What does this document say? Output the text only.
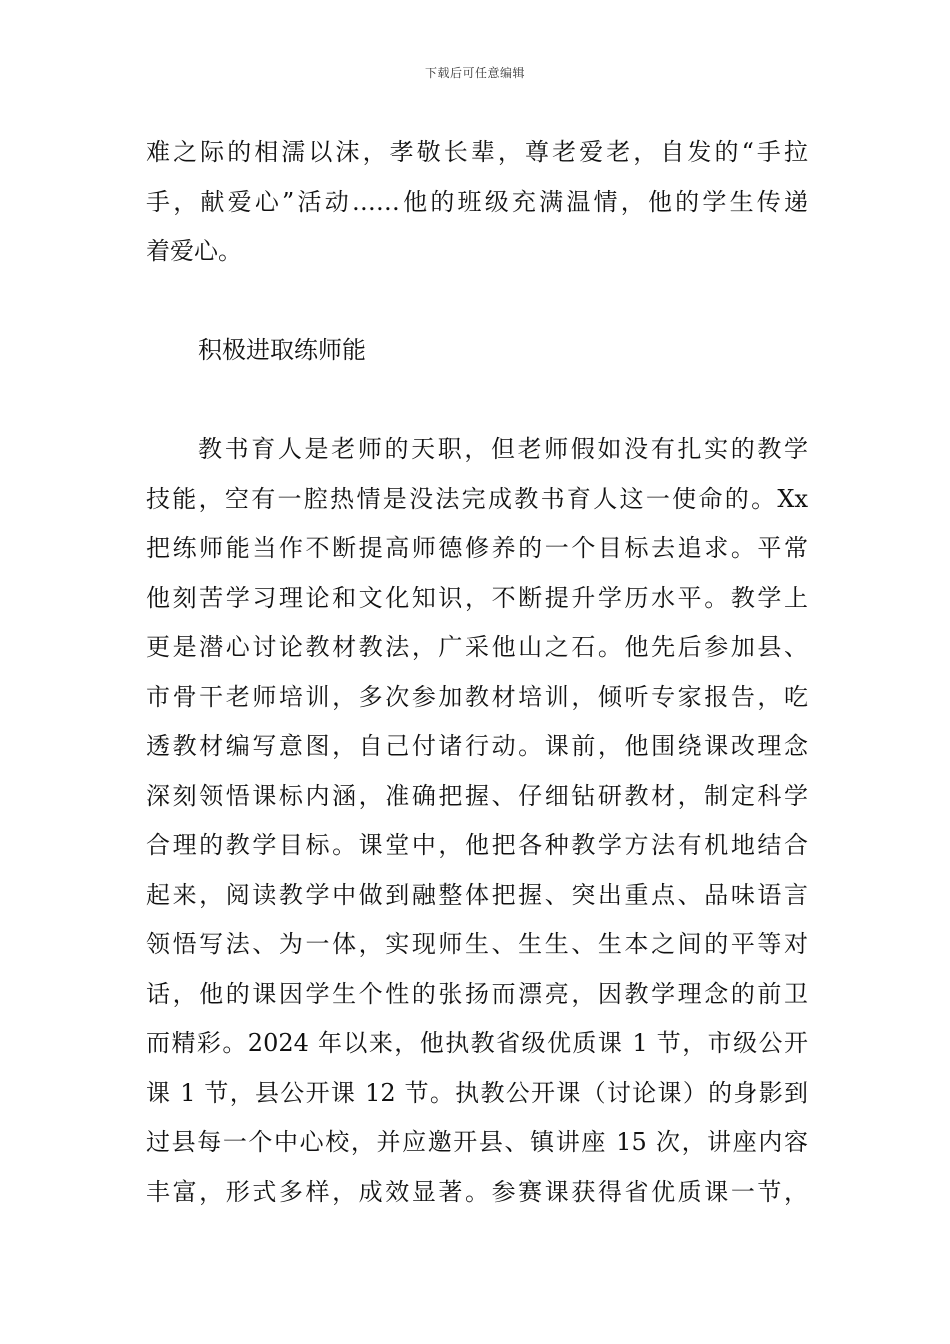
下载后可任意编辑
难之际的相濡以沫，孝敬长辈，尊老爱老，自发的“手拉
手，献爱心”活动……他的班级充满温情，他的学生传递
着爱心。
积极进取练师能
教书育人是老师的天职，但老师假如没有扎实的教学
技能，空有一腔热情是没法完成教书育人这一使命的。Xx
把练师能当作不断提高师德修养的一个目标去追求。平常
他刻苦学习理论和文化知识，不断提升学历水平。教学上
更是潜心讨论教材教法，广采他山之石。他先后参加县、
市骨干老师培训，多次参加教材培训，倾听专家报告，吃
透教材编写意图，自己付诸行动。课前，他围绕课改理念
深刻领悟课标内涵，准确把握、仔细钻研教材，制定科学
合理的教学目标。课堂中，他把各种教学方法有机地结合
起来，阅读教学中做到融整体把握、突出重点、品味语言
领悟写法、为一体，实现师生、生生、生本之间的平等对
话，他的课因学生个性的张扬而漂亮，因教学理念的前卫
而精彩。2024 年以来，他执教省级优质课 1 节，市级公开
课 1 节，县公开课 12 节。执教公开课（讨论课）的身影到
过县每一个中心校，并应邀开县、镇讲座 15 次，讲座内容
丰富，形式多样，成效显著。参赛课获得省优质课一节，
